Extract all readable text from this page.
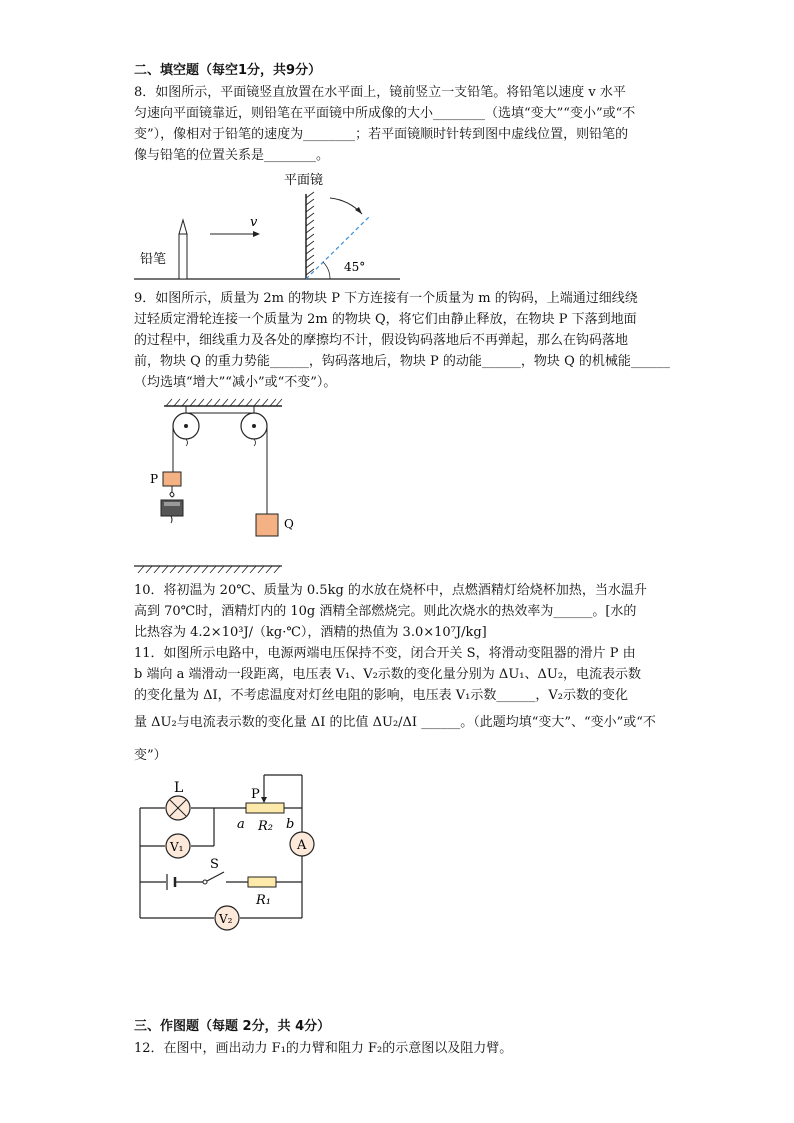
二、填空题（每空1分，共9分）
8．如图所示，平面镜竖直放置在水平面上，镜前竖立一支铅笔。将铅笔以速度 v 水平
匀速向平面镜靠近，则铅笔在平面镜中所成像的大小________（选填“变大”“变小”或“不
变”），像相对于铅笔的速度为________；若平面镜顺时针转到图中虚线位置，则铅笔的
像与铅笔的位置关系是________。
平面镜
45°
铅笔
v
9．如图所示，质量为 2m 的物块 P 下方连接有一个质量为 m 的钩码，上端通过细线绕
过轻质定滑轮连接一个质量为 2m 的物块 Q，将它们由静止释放，在物块 P 下落到地面
的过程中，细线重力及各处的摩擦均不计，假设钩码落地后不再弹起，那么在钩码落地
前，物块 Q 的重力势能______，钩码落地后，物块 P 的动能______，物块 Q 的机械能______
（均选填“增大”“减小”或“不变”）。
P
Q
10．将初温为 20℃、质量为 0.5kg 的水放在烧杯中，点燃酒精灯给烧杯加热，当水温升
高到 70℃时，酒精灯内的 10g 酒精全部燃烧完。则此次烧水的热效率为______。[水的
比热容为 4.2×10³J/（kg·℃），酒精的热值为 3.0×10⁷J/kg]
11．如图所示电路中，电源两端电压保持不变，闭合开关 S，将滑动变阻器的滑片 P 由
b 端向 a 端滑动一段距离，电压表 V₁、V₂示数的变化量分别为 ΔU₁、ΔU₂，电流表示数
的变化量为 ΔI，不考虑温度对灯丝电阻的影响，电压表 V₁示数______，V₂示数的变化
量 ΔU₂与电流表示数的变化量 ΔI 的比值 ΔU₂/ΔI ______。（此题均填“变大”、“变小”或“不
变”）
L	P
a R₂ b
A
V₁
S
R₁
V₂
三、作图题（每题 2分，共 4分）
12．在图中，画出动力 F₁的力臂和阻力 F₂的示意图以及阻力臂。
